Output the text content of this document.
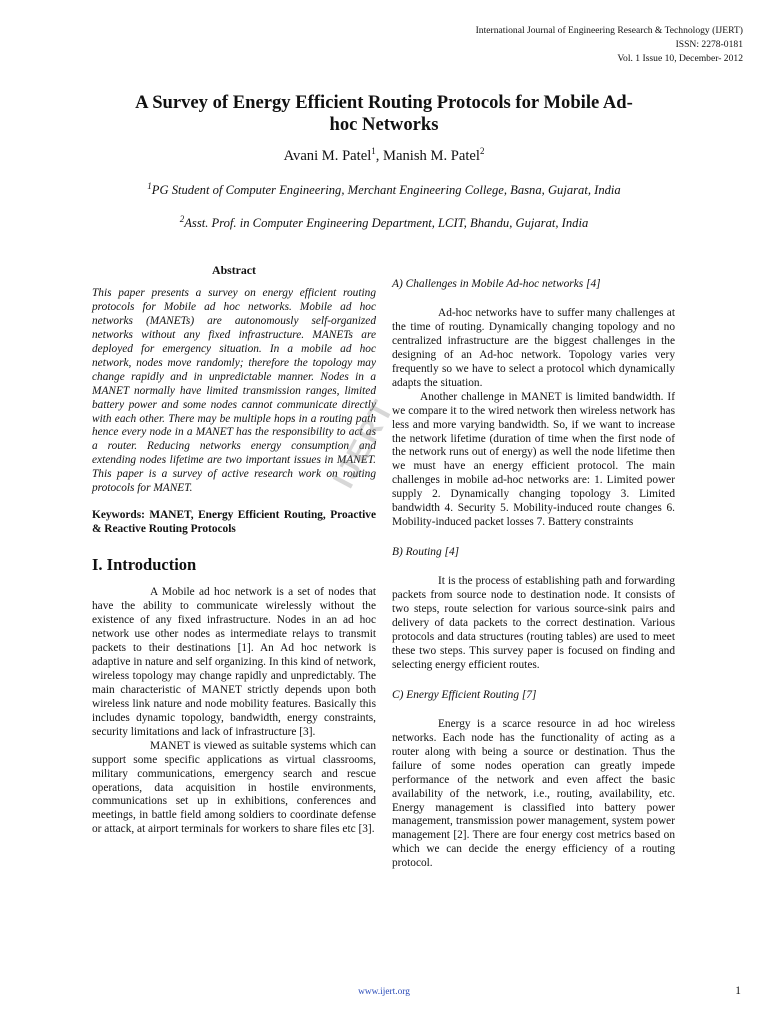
International Journal of Engineering Research & Technology (IJERT)
ISSN: 2278-0181
Vol. 1 Issue 10, December- 2012
A Survey of Energy Efficient Routing Protocols for Mobile Ad-
hoc Networks
Avani M. Patel$^1$, Manish M. Patel$^2$
$^1$PG Student of Computer Engineering, Merchant Engineering College, Basna, Gujarat, India
$^2$Asst. Prof. in Computer Engineering Department, LCIT, Bhandu, Gujarat, India
Abstract
This paper presents a survey on energy efficient routing protocols for Mobile ad hoc networks. Mobile ad hoc networks (MANETs) are autonomously self-organized networks without any fixed infrastructure. MANETs are deployed for emergency situation. In a mobile ad hoc network, nodes move randomly; therefore the topology may change rapidly and in unpredictable manner. Nodes in a MANET normally have limited transmission ranges, limited battery power and some nodes cannot communicate directly with each other. There may be multiple hops in a routing path hence every node in a MANET has the responsibility to act as a router. Reducing networks energy consumption and extending nodes lifetime are two important issues in MANET. This paper is a survey of active research work on routing protocols for MANET.
Keywords: MANET, Energy Efficient Routing, Proactive & Reactive Routing Protocols
I. Introduction
A Mobile ad hoc network is a set of nodes that have the ability to communicate wirelessly without the existence of any fixed infrastructure. Nodes in an ad hoc network use other nodes as intermediate relays to transmit packets to their destinations [1]. An Ad hoc network is adaptive in nature and self organizing. In this kind of network, wireless topology may change rapidly and unpredictably. The main characteristic of MANET strictly depends upon both wireless link nature and node mobility features. Basically this includes dynamic topology, bandwidth, energy constraints, security limitations and lack of infrastructure [3].
MANET is viewed as suitable systems which can support some specific applications as virtual classrooms, military communications, emergency search and rescue operations, data acquisition in hostile environments, communications set up in exhibitions, conferences and meetings, in battle field among soldiers to coordinate defense or attack, at airport terminals for workers to share files etc [3].
A) Challenges in Mobile Ad-hoc networks [4]
Ad-hoc networks have to suffer many challenges at the time of routing. Dynamically changing topology and no centralized infrastructure are the biggest challenges in the designing of an Ad-hoc network. Topology varies very frequently so we have to select a protocol which dynamically adapts the situation.
Another challenge in MANET is limited bandwidth. If we compare it to the wired network then wireless network has less and more varying bandwidth. So, if we want to increase the network lifetime (duration of time when the first node of the network runs out of energy) as well the node lifetime then we must have an energy efficient protocol. The main challenges in mobile ad-hoc networks are: 1. Limited power supply 2. Dynamically changing topology 3. Limited bandwidth 4. Security 5. Mobility-induced route changes 6. Mobility-induced packet losses 7. Battery constraints
B) Routing [4]
It is the process of establishing path and forwarding packets from source node to destination node. It consists of two steps, route selection for various source-sink pairs and delivery of data packets to the correct destination. Various protocols and data structures (routing tables) are used to meet these two steps. This survey paper is focused on finding and selecting energy efficient routes.
C) Energy Efficient Routing [7]
Energy is a scarce resource in ad hoc wireless networks. Each node has the functionality of acting as a router along with being a source or destination. Thus the failure of some nodes operation can greatly impede performance of the network and even affect the basic availability of the network, i.e., routing, availability, etc. Energy management is classified into battery power management, transmission power management, system power management [2]. There are four energy cost metrics based on which we can decide the energy efficiency of a routing protocol.
IJERT
www.ijert.org	1
